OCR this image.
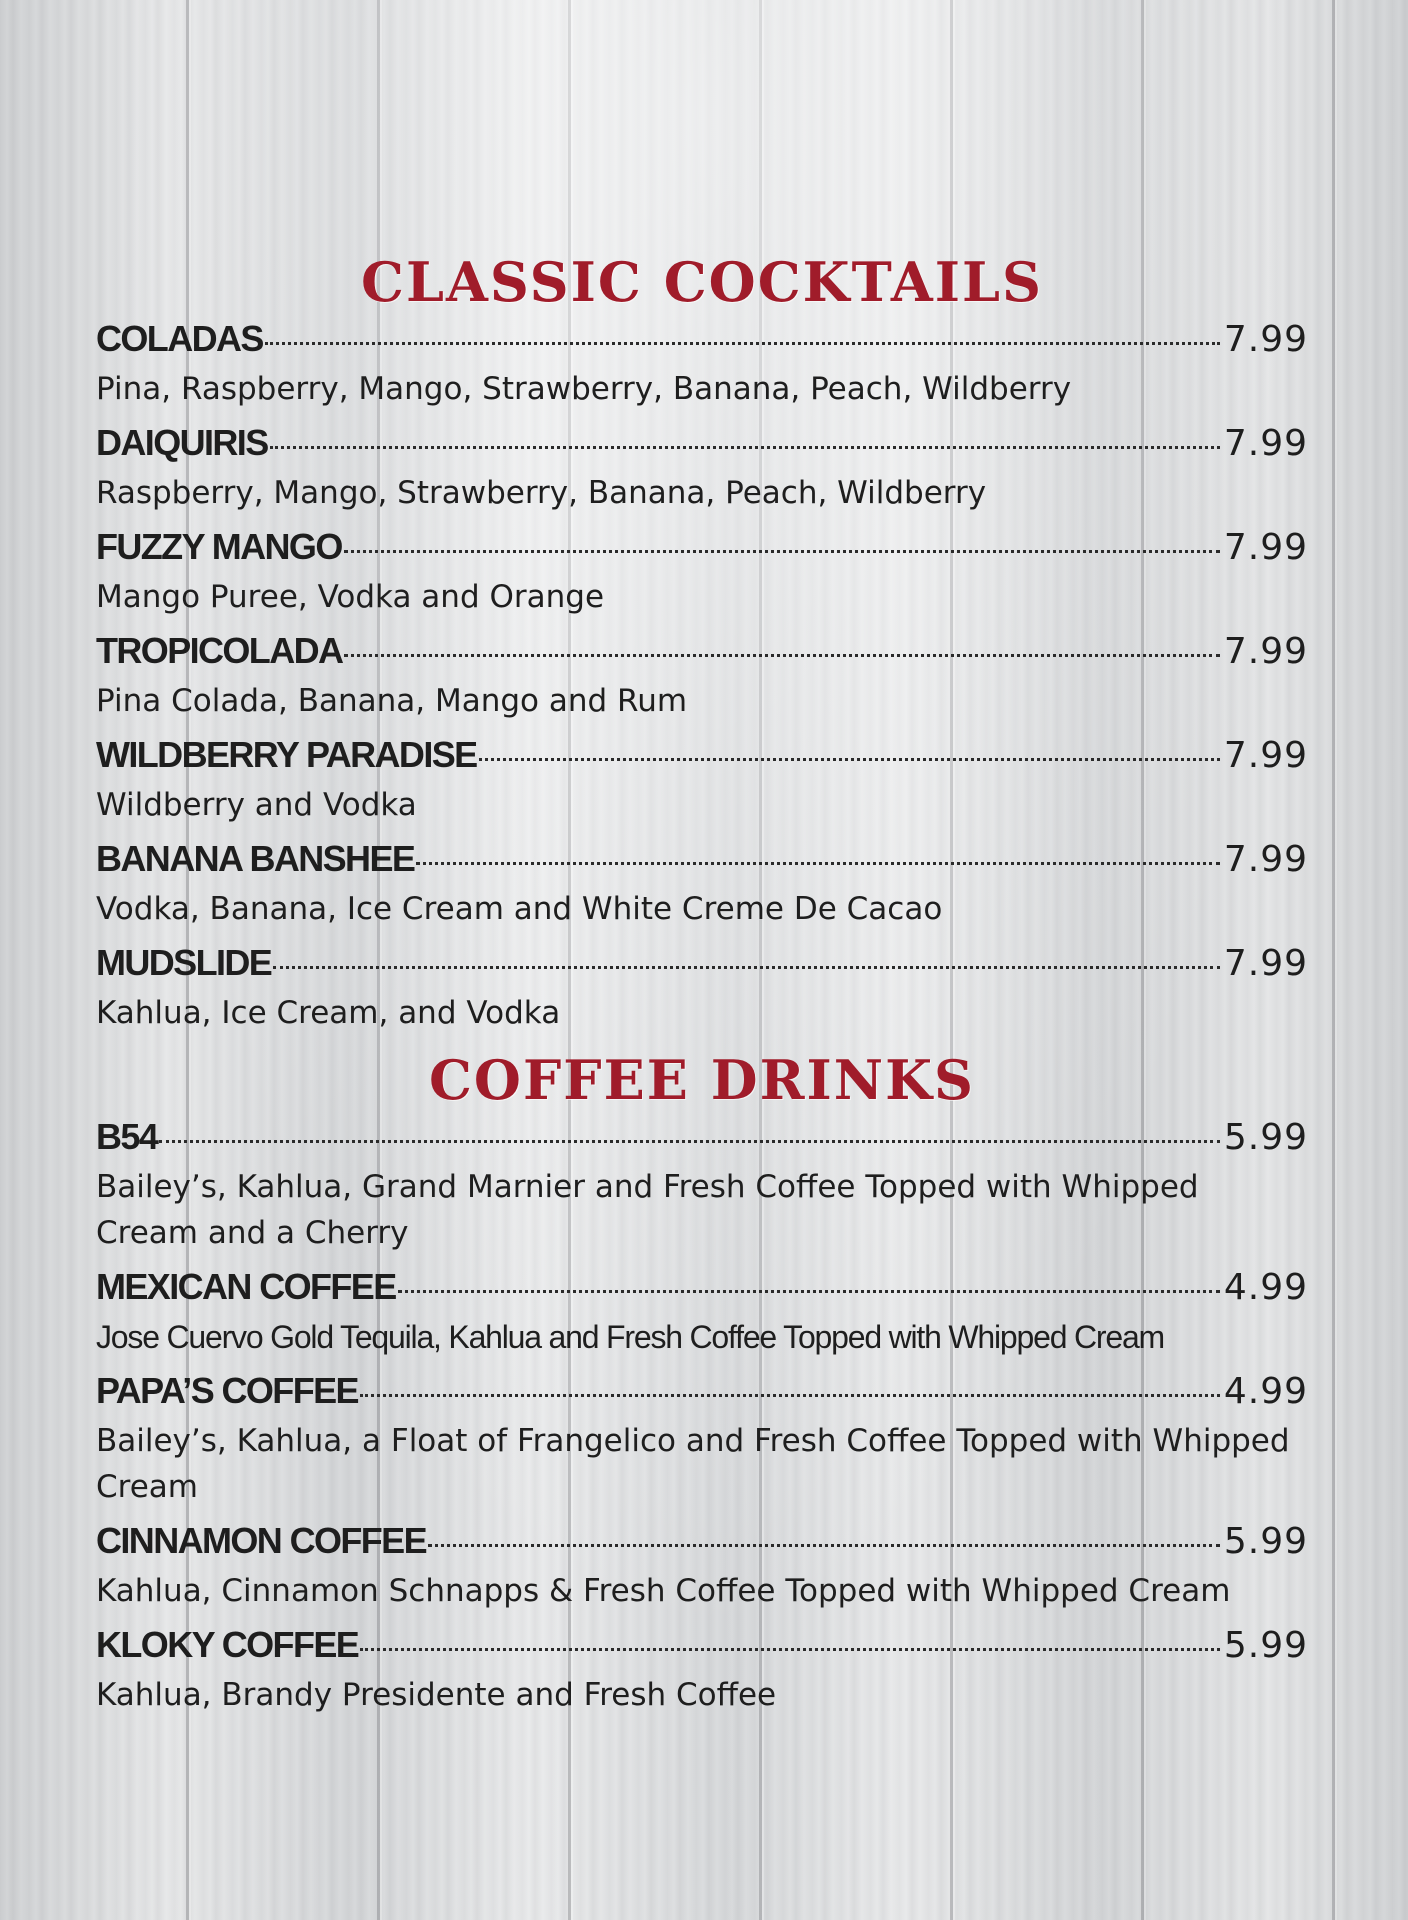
CLASSIC COCKTAILS
COLADAS	7.99
Pina, Raspberry, Mango, Strawberry, Banana, Peach, Wildberry
DAIQUIRIS	7.99
Raspberry, Mango, Strawberry, Banana, Peach, Wildberry
FUZZY MANGO	7.99
Mango Puree, Vodka and Orange
TROPICOLADA	7.99
Pina Colada, Banana, Mango and Rum
WILDBERRY PARADISE	7.99
Wildberry and Vodka
BANANA BANSHEE	7.99
Vodka, Banana, Ice Cream and White Creme De Cacao
MUDSLIDE	7.99
Kahlua, Ice Cream, and Vodka
COFFEE DRINKS
B54	5.99
Bailey’s, Kahlua, Grand Marnier and Fresh Coffee Topped with Whipped Cream and a Cherry
MEXICAN COFFEE	4.99
Jose Cuervo Gold Tequila, Kahlua and Fresh Coffee Topped with Whipped Cream
PAPA’S COFFEE	4.99
Bailey’s, Kahlua, a Float of Frangelico and Fresh Coffee Topped with Whipped Cream
CINNAMON COFFEE	5.99
Kahlua, Cinnamon Schnapps & Fresh Coffee Topped with Whipped Cream
KLOKY COFFEE	5.99
Kahlua, Brandy Presidente and Fresh Coffee
